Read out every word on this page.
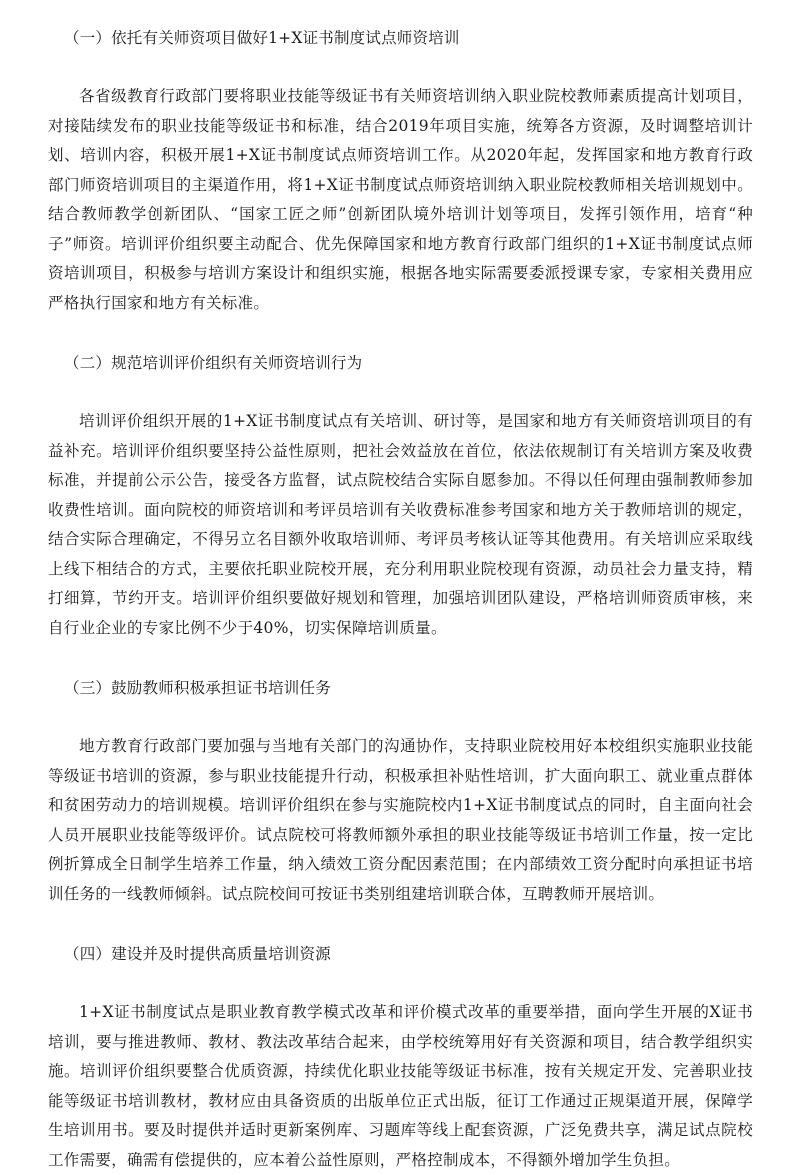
（一）依托有关师资项目做好1+X证书制度试点师资培训

各省级教育行政部门要将职业技能等级证书有关师资培训纳入职业院校教师素质提高计划项目，对接陆续发布的职业技能等级证书和标准，结合2019年项目实施，统筹各方资源，及时调整培训计划、培训内容，积极开展1+X证书制度试点师资培训工作。从2020年起，发挥国家和地方教育行政部门师资培训项目的主渠道作用，将1+X证书制度试点师资培训纳入职业院校教师相关培训规划中。结合教师教学创新团队、“国家工匠之师”创新团队境外培训计划等项目，发挥引领作用，培育“种子”师资。培训评价组织要主动配合、优先保障国家和地方教育行政部门组织的1+X证书制度试点师资培训项目，积极参与培训方案设计和组织实施，根据各地实际需要委派授课专家，专家相关费用应严格执行国家和地方有关标准。

（二）规范培训评价组织有关师资培训行为

培训评价组织开展的1+X证书制度试点有关培训、研讨等，是国家和地方有关师资培训项目的有益补充。培训评价组织要坚持公益性原则，把社会效益放在首位，依法依规制订有关培训方案及收费标准，并提前公示公告，接受各方监督，试点院校结合实际自愿参加。不得以任何理由强制教师参加收费性培训。面向院校的师资培训和考评员培训有关收费标准参考国家和地方关于教师培训的规定，结合实际合理确定，不得另立名目额外收取培训师、考评员考核认证等其他费用。有关培训应采取线上线下相结合的方式，主要依托职业院校开展，充分利用职业院校现有资源，动员社会力量支持，精打细算，节约开支。培训评价组织要做好规划和管理，加强培训团队建设，严格培训师资质审核，来自行业企业的专家比例不少于40%，切实保障培训质量。

（三）鼓励教师积极承担证书培训任务

地方教育行政部门要加强与当地有关部门的沟通协作，支持职业院校用好本校组织实施职业技能等级证书培训的资源，参与职业技能提升行动，积极承担补贴性培训，扩大面向职工、就业重点群体和贫困劳动力的培训规模。培训评价组织在参与实施院校内1+X证书制度试点的同时，自主面向社会人员开展职业技能等级评价。试点院校可将教师额外承担的职业技能等级证书培训工作量，按一定比例折算成全日制学生培养工作量，纳入绩效工资分配因素范围；在内部绩效工资分配时向承担证书培训任务的一线教师倾斜。试点院校间可按证书类别组建培训联合体，互聘教师开展培训。

（四）建设并及时提供高质量培训资源

1+X证书制度试点是职业教育教学模式改革和评价模式改革的重要举措，面向学生开展的X证书培训，要与推进教师、教材、教法改革结合起来，由学校统筹用好有关资源和项目，结合教学组织实施。培训评价组织要整合优质资源，持续优化职业技能等级证书标准，按有关规定开发、完善职业技能等级证书培训教材，教材应由具备资质的出版单位正式出版，征订工作通过正规渠道开展，保障学生培训用书。要及时提供并适时更新案例库、习题库等线上配套资源，广泛免费共享，满足试点院校工作需要，确需有偿提供的，应本着公益性原则，严格控制成本，不得额外增加学生负担。
